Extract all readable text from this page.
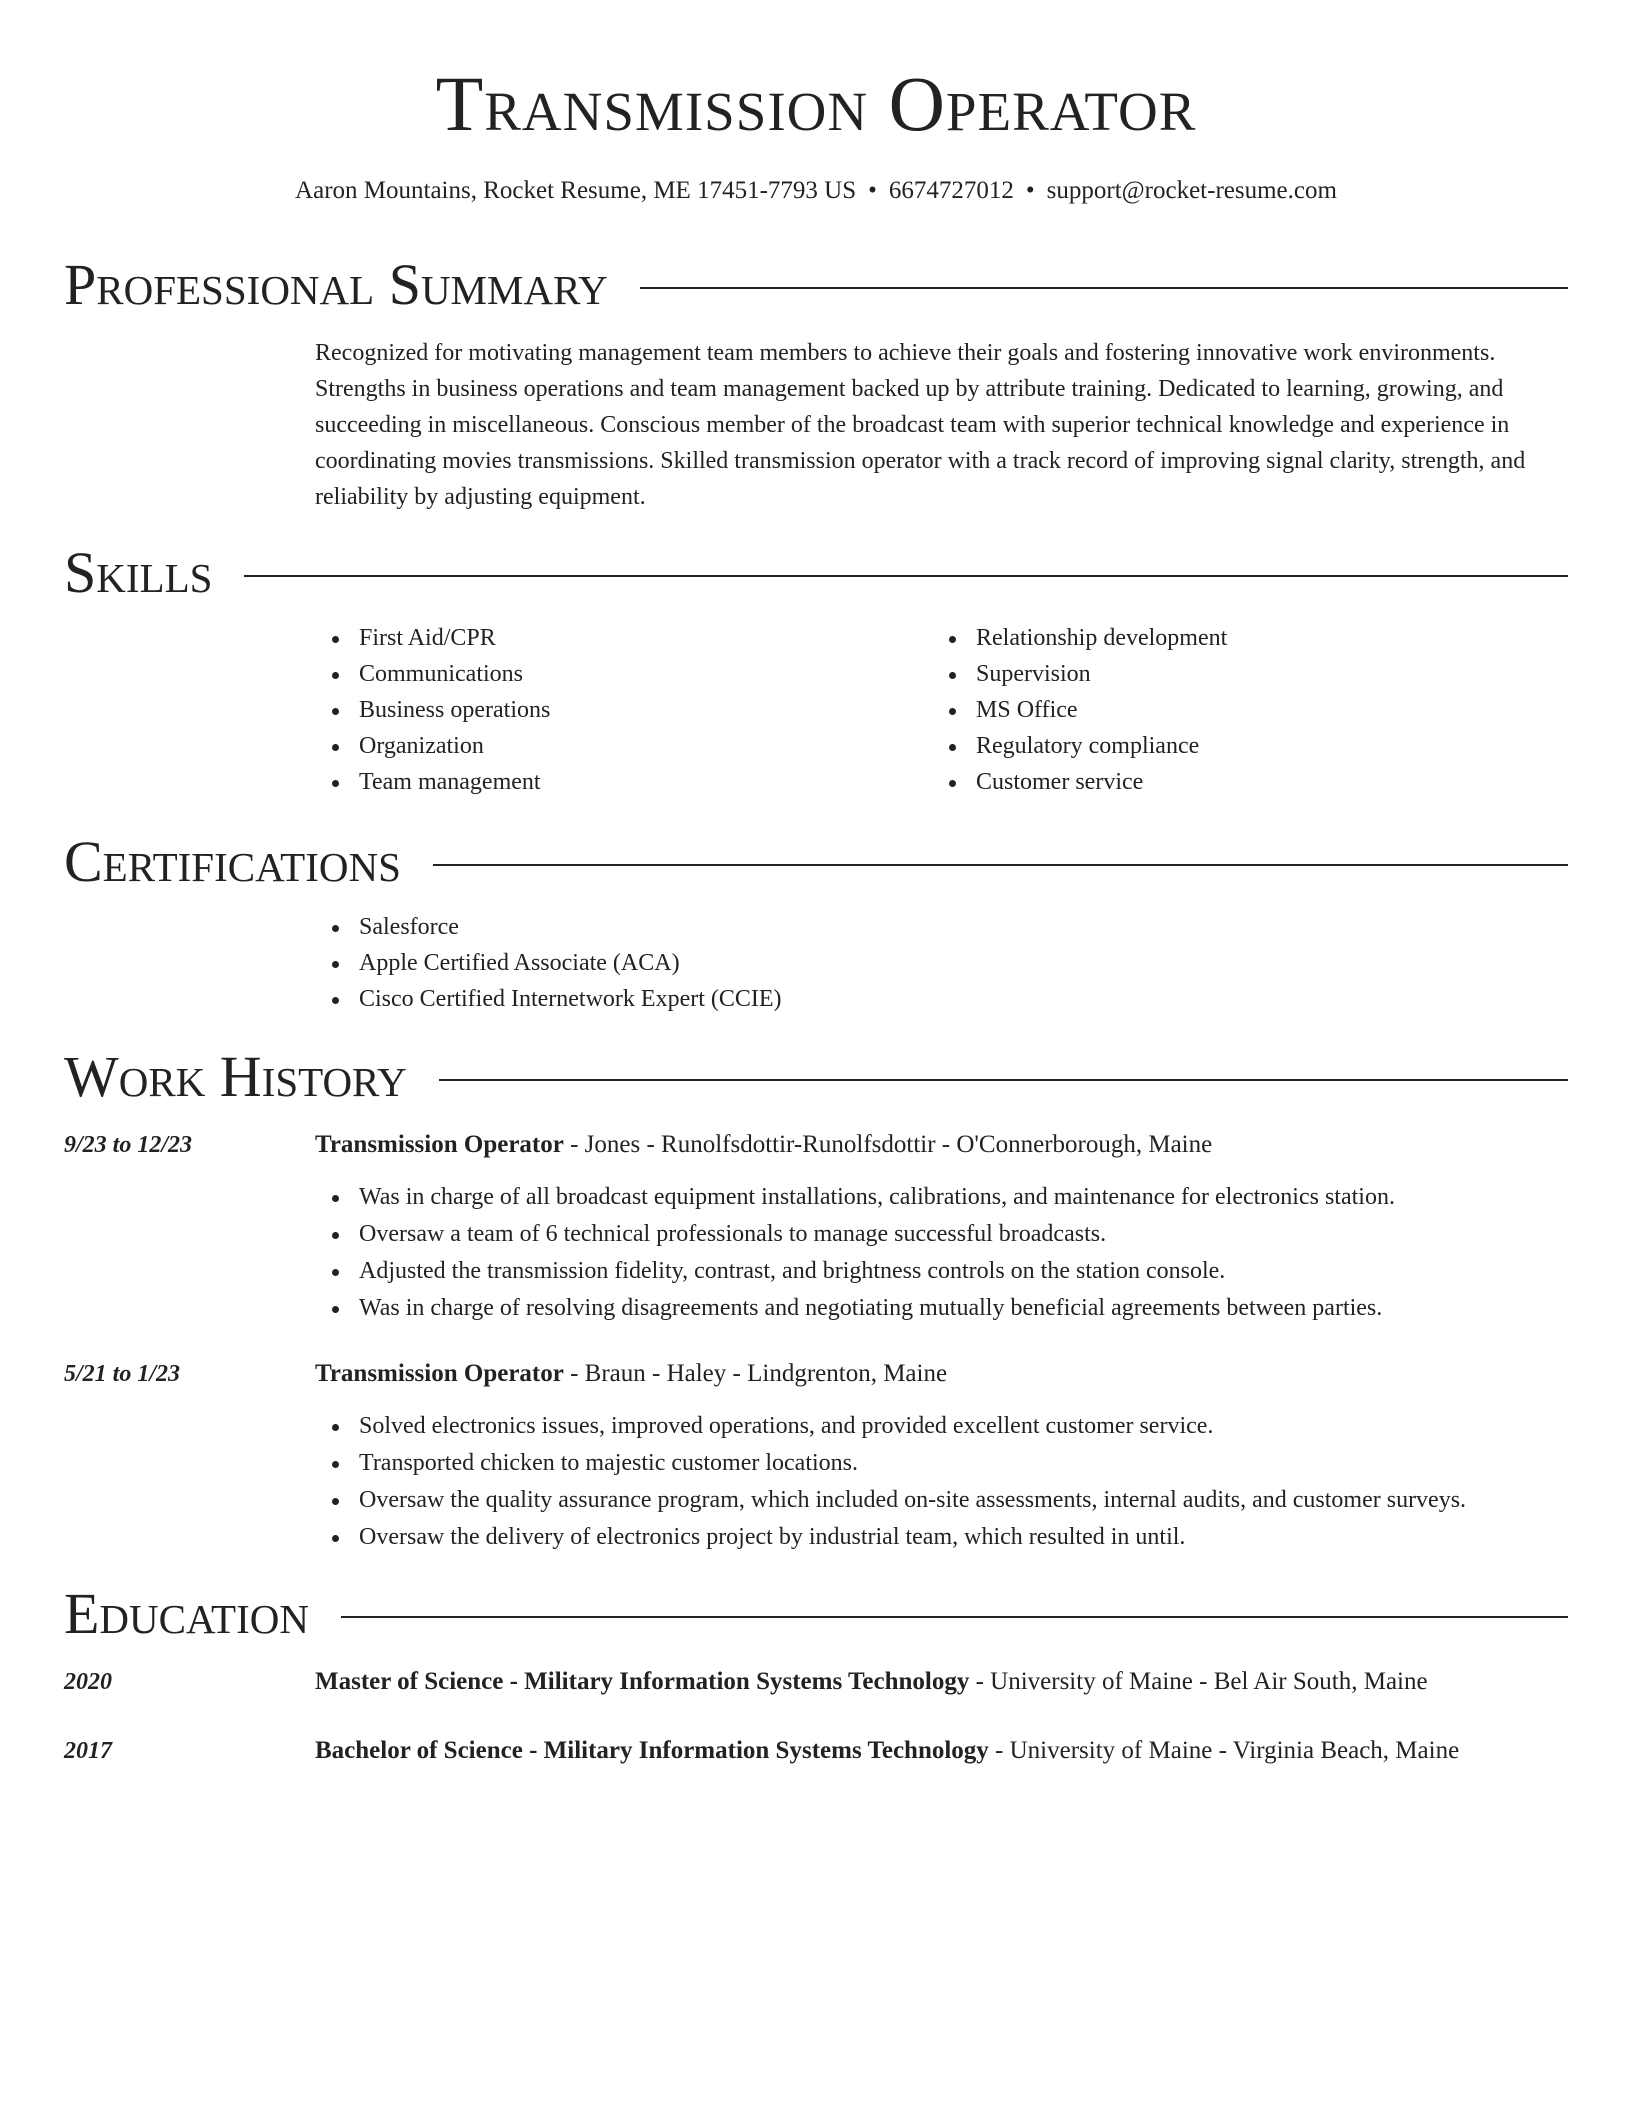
Transmission Operator
Aaron Mountains, Rocket Resume, ME 17451-7793 US • 6674727012 • support@rocket-resume.com
Professional Summary

Recognized for motivating management team members to achieve their goals and fostering innovative work environments. Strengths in business operations and team management backed up by attribute training. Dedicated to learning, growing, and succeeding in miscellaneous. Conscious member of the broadcast team with superior technical knowledge and experience in coordinating movies transmissions. Skilled transmission operator with a track record of improving signal clarity, strength, and reliability by adjusting equipment.

Skills
First Aid/CPR
Communications
Business operations
Organization
Team management
Relationship development
Supervision
MS Office
Regulatory compliance
Customer service
Certifications
Salesforce
Apple Certified Associate (ACA)
Cisco Certified Internetwork Expert (CCIE)
Work History
9/23 to 12/23	Transmission Operator - Jones - Runolfsdottir-Runolfsdottir - O'Connerborough, Maine
Was in charge of all broadcast equipment installations, calibrations, and maintenance for electronics station.
Oversaw a team of 6 technical professionals to manage successful broadcasts.
Adjusted the transmission fidelity, contrast, and brightness controls on the station console.
Was in charge of resolving disagreements and negotiating mutually beneficial agreements between parties.
5/21 to 1/23	Transmission Operator - Braun - Haley - Lindgrenton, Maine
Solved electronics issues, improved operations, and provided excellent customer service.
Transported chicken to majestic customer locations.
Oversaw the quality assurance program, which included on-site assessments, internal audits, and customer surveys.
Oversaw the delivery of electronics project by industrial team, which resulted in until.
Education
2020	Master of Science - Military Information Systems Technology - University of Maine - Bel Air South, Maine
2017	Bachelor of Science - Military Information Systems Technology - University of Maine - Virginia Beach, Maine
